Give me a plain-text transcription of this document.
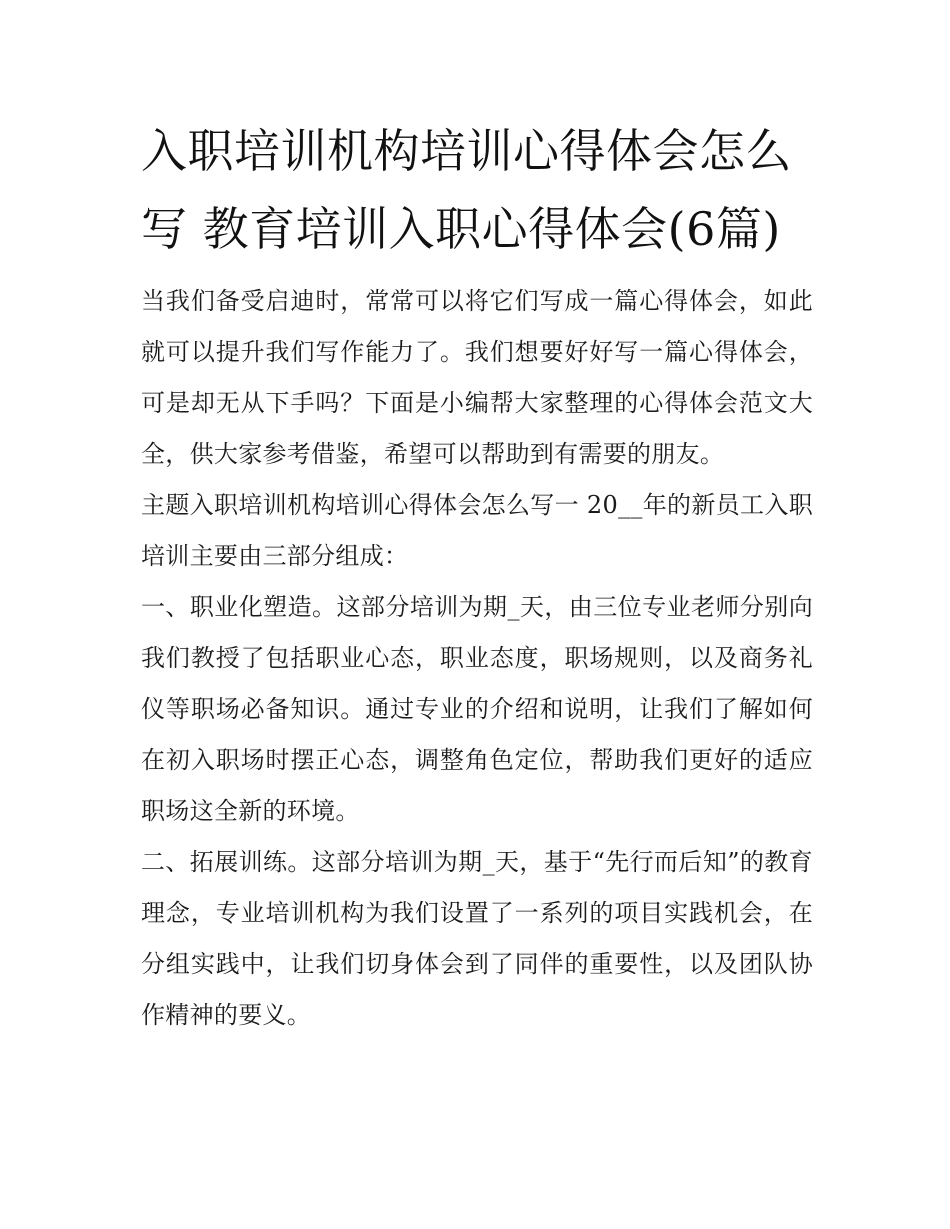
入职培训机构培训心得体会怎么写 教育培训入职心得体会(6篇)

当我们备受启迪时，常常可以将它们写成一篇心得体会，如此就可以提升我们写作能力了。我们想要好好写一篇心得体会，可是却无从下手吗？下面是小编帮大家整理的心得体会范文大全，供大家参考借鉴，希望可以帮助到有需要的朋友。

主题入职培训机构培训心得体会怎么写一 20__年的新员工入职培训主要由三部分组成：

一、职业化塑造。这部分培训为期_天，由三位专业老师分别向我们教授了包括职业心态，职业态度，职场规则，以及商务礼仪等职场必备知识。通过专业的介绍和说明，让我们了解如何在初入职场时摆正心态，调整角色定位，帮助我们更好的适应职场这全新的环境。

二、拓展训练。这部分培训为期_天，基于“先行而后知”的教育理念，专业培训机构为我们设置了一系列的项目实践机会，在分组实践中，让我们切身体会到了同伴的重要性，以及团队协作精神的要义。
